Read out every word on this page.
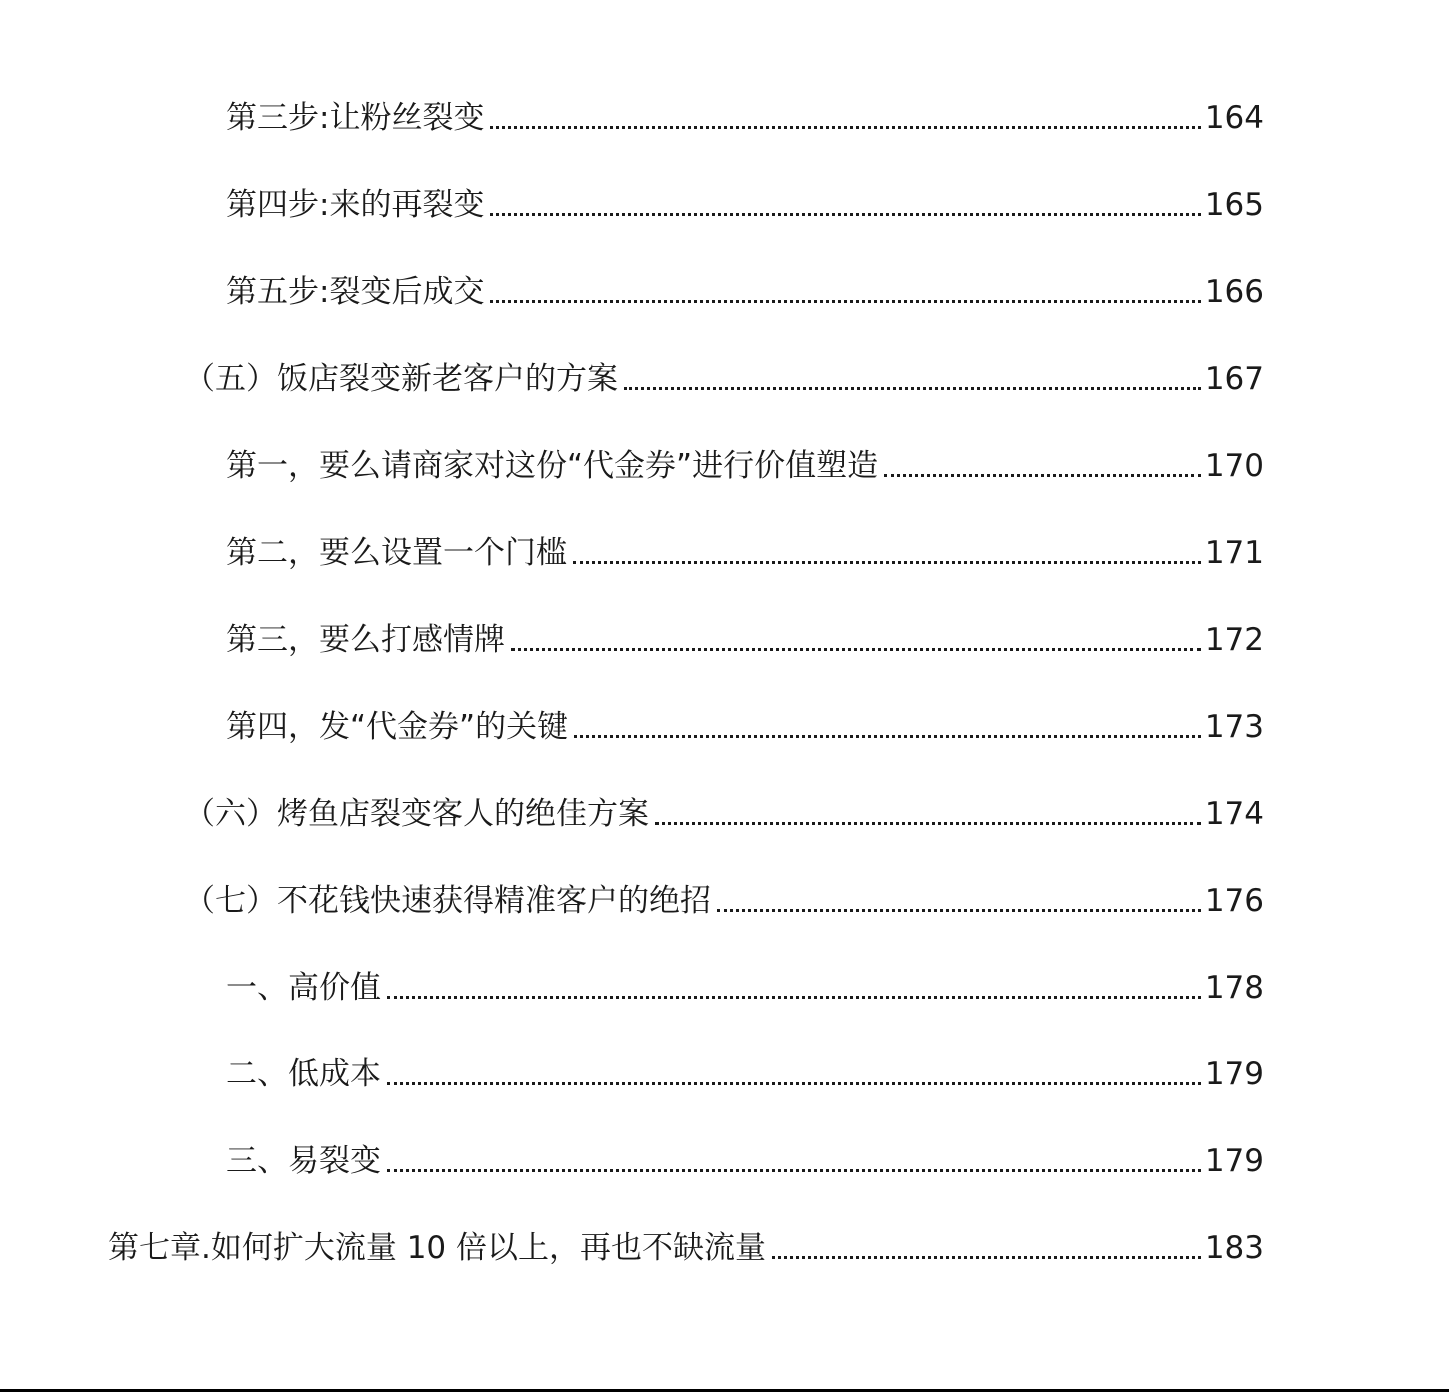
第三步:让粉丝裂变	164
第四步:来的再裂变	165
第五步:裂变后成交	166
（五）饭店裂变新老客户的方案	167
第一，要么请商家对这份“代金券”进行价值塑造	170
第二，要么设置一个门槛	171
第三，要么打感情牌	172
第四，发“代金券”的关键	173
（六）烤鱼店裂变客人的绝佳方案	174
（七）不花钱快速获得精准客户的绝招	176
一、高价值	178
二、低成本	179
三、易裂变	179
第七章.如何扩大流量 10 倍以上，再也不缺流量	183
